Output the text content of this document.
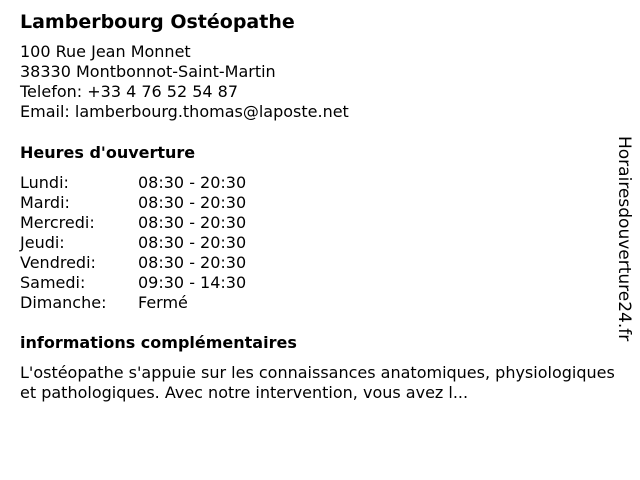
Lamberbourg Ostéopathe
100 Rue Jean Monnet
38330 Montbonnot-Saint-Martin
Telefon: +33 4 76 52 54 87
Email: lamberbourg.thomas@laposte.net
Heures d'ouverture
Lundi:	08:30 - 20:30
Mardi:	08:30 - 20:30
Mercredi:	08:30 - 20:30
Jeudi:	08:30 - 20:30
Vendredi:	08:30 - 20:30
Samedi:	09:30 - 14:30
Dimanche:	Fermé
informations complémentaires
L'ostéopathe s'appuie sur les connaissances anatomiques, physiologiques et pathologiques. Avec notre intervention, vous avez l...
Horairesdouverture24.fr
